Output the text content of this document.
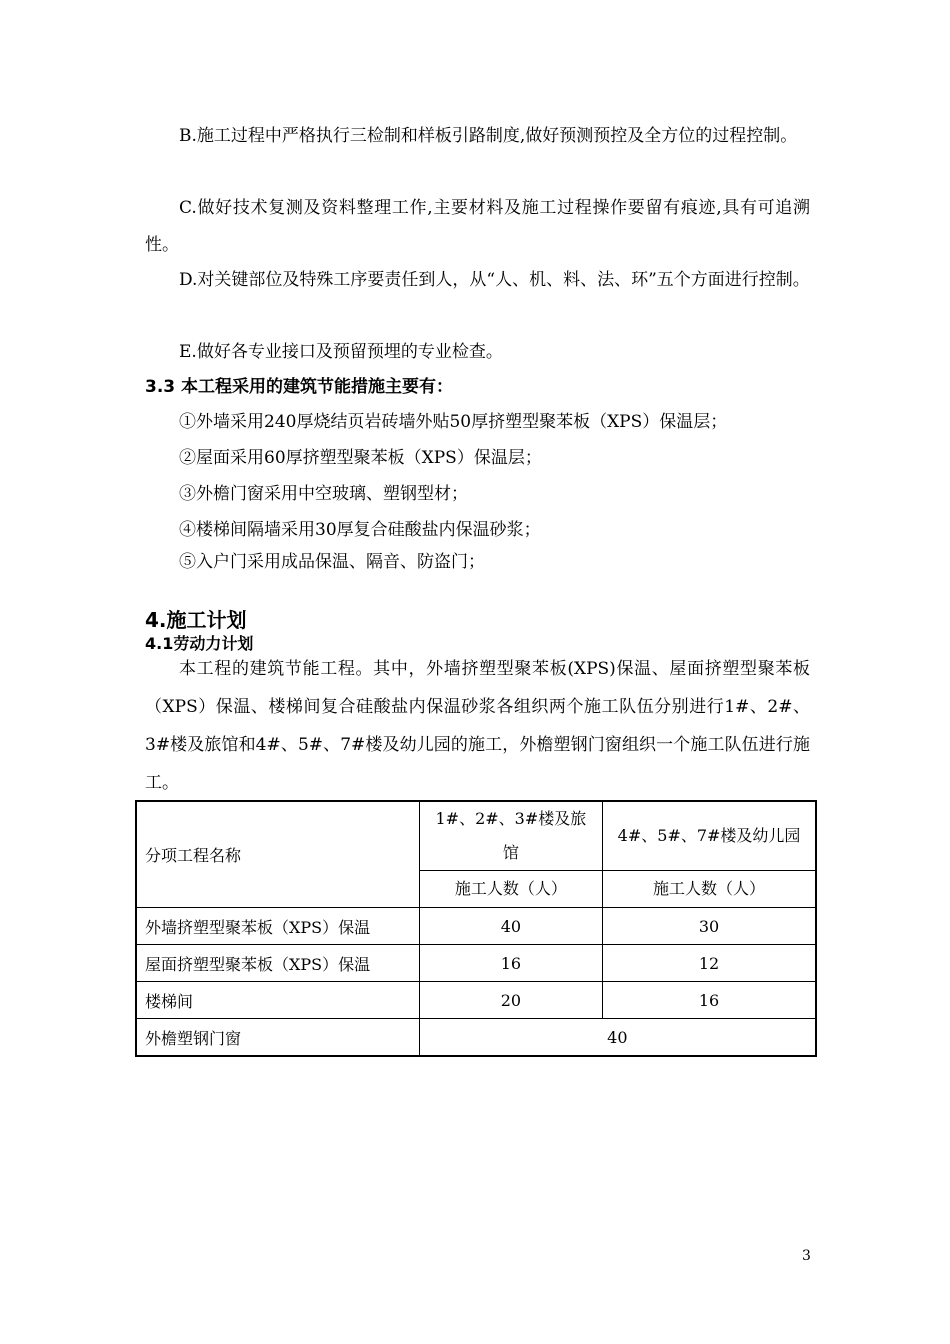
B.施工过程中严格执行三检制和样板引路制度,做好预测预控及全方位的过程控制。

C.做好技术复测及资料整理工作,主要材料及施工过程操作要留有痕迹,具有可追溯性。

D.对关键部位及特殊工序要责任到人，从“人、机、料、法、环”五个方面进行控制。

E.做好各专业接口及预留预埋的专业检查。

3.3 本工程采用的建筑节能措施主要有：

①外墙采用240厚烧结页岩砖墙外贴50厚挤塑型聚苯板（XPS）保温层；

②屋面采用60厚挤塑型聚苯板（XPS）保温层；

③外檐门窗采用中空玻璃、塑钢型材；

④楼梯间隔墙采用30厚复合硅酸盐内保温砂浆；

⑤入户门采用成品保温、隔音、防盗门；

4.施工计划

4.1劳动力计划

本工程的建筑节能工程。其中，外墙挤塑型聚苯板(XPS)保温、屋面挤塑型聚苯板（XPS）保温、楼梯间复合硅酸盐内保温砂浆各组织两个施工队伍分别进行1#、2#、3#楼及旅馆和4#、5#、7#楼及幼儿园的施工，外檐塑钢门窗组织一个施工队伍进行施工。

分项工程名称	1#、2#、3#楼及旅馆	4#、5#、7#楼及幼儿园
	施工人数（人）	施工人数（人）
外墙挤塑型聚苯板（XPS）保温	40	30
屋面挤塑型聚苯板（XPS）保温	16	12
楼梯间	20	16
外檐塑钢门窗	40	
3
